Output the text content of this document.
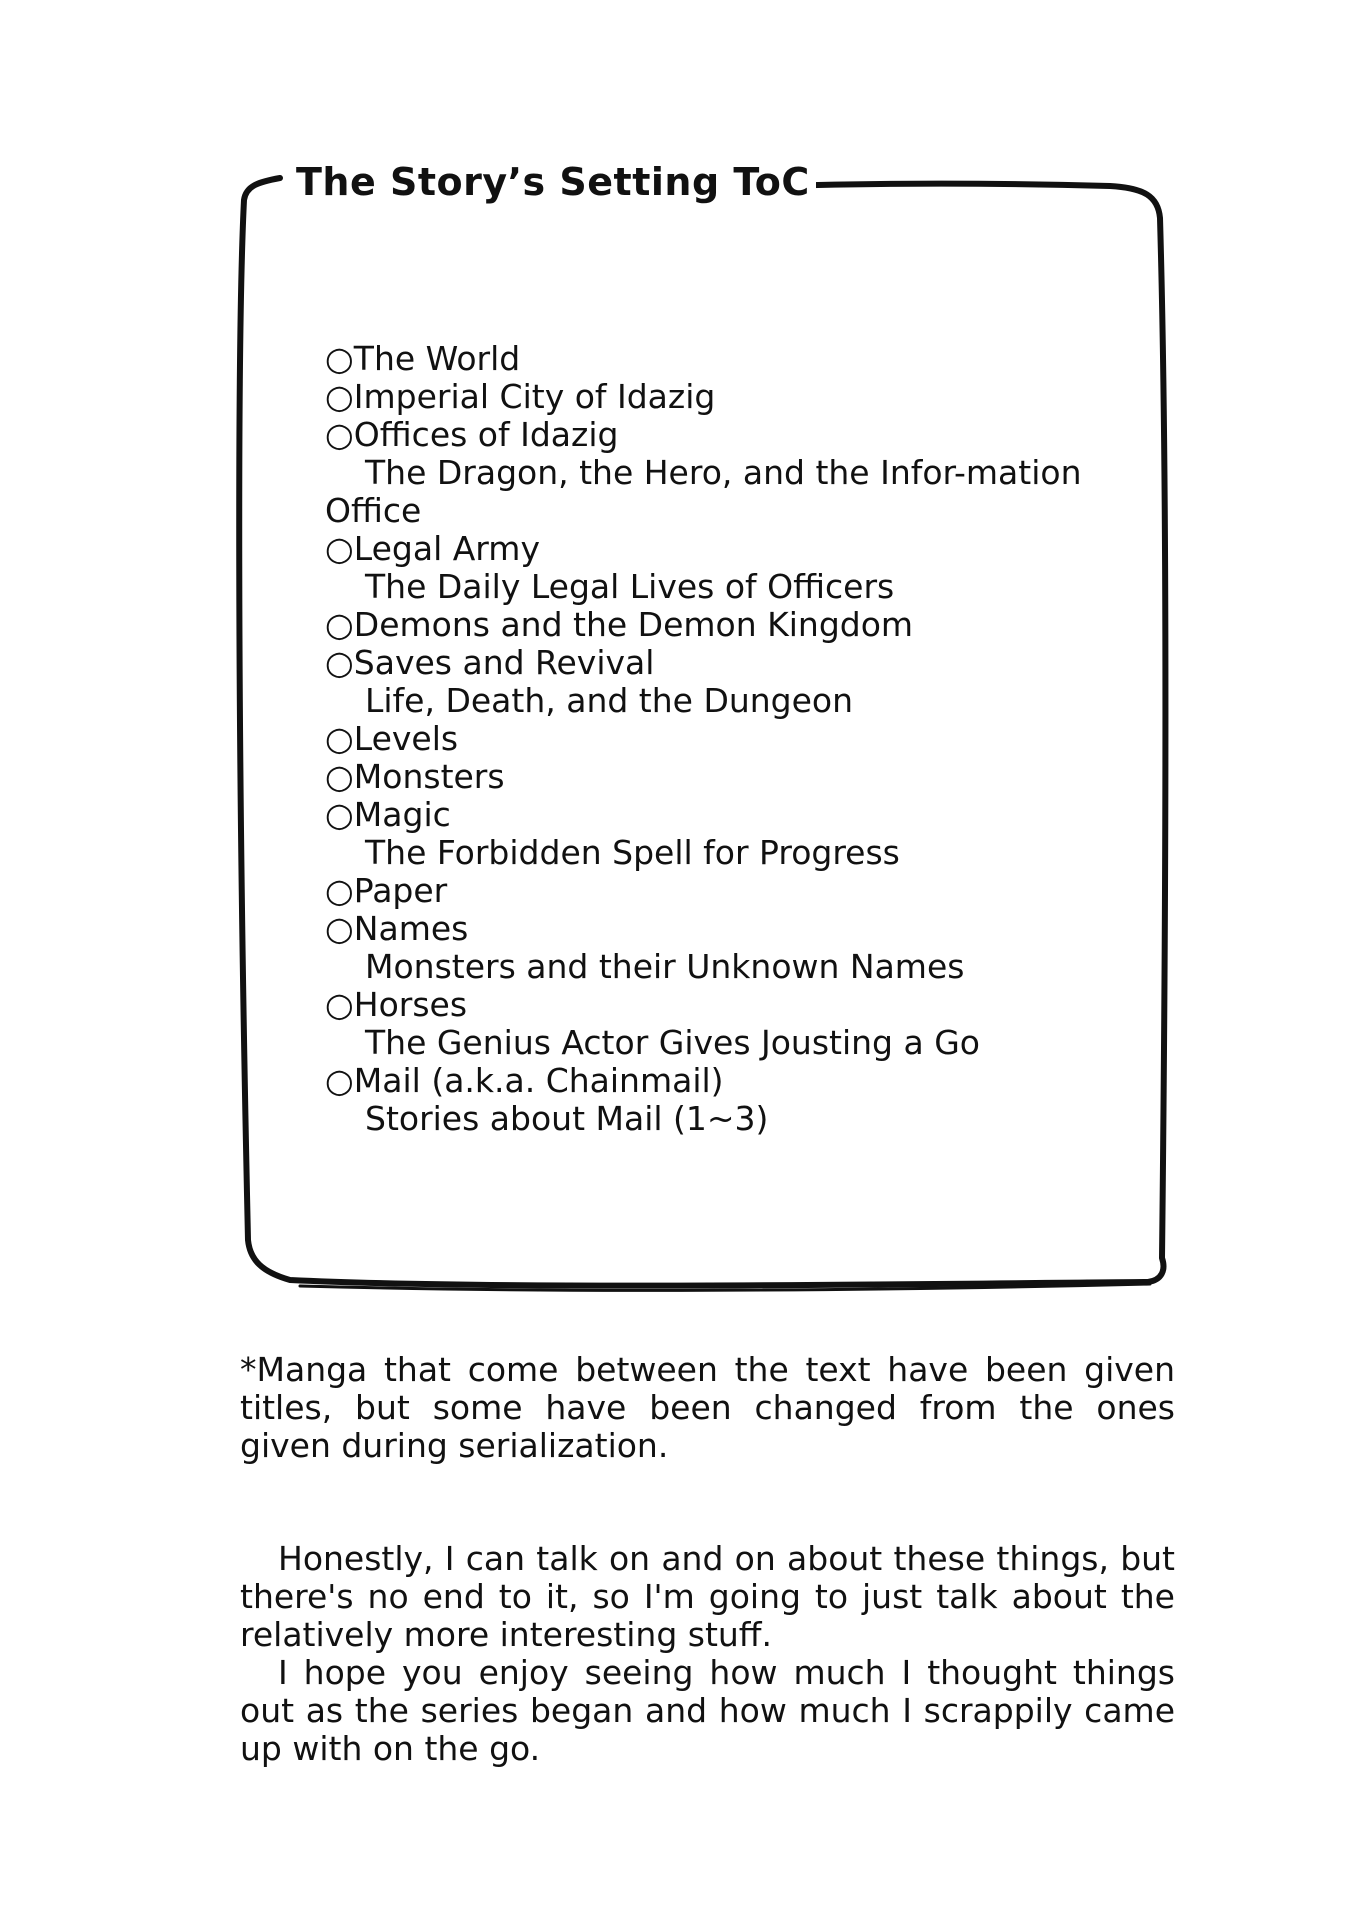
The Story’s Setting ToC
○The World
○Imperial City of Idazig
○Offices of Idazig
The Dragon, the Hero, and the Infor-mation Office
○Legal Army
The Daily Legal Lives of Officers
○Demons and the Demon Kingdom
○Saves and Revival
Life, Death, and the Dungeon
○Levels
○Monsters
○Magic
The Forbidden Spell for Progress
○Paper
○Names
Monsters and their Unknown Names
○Horses
The Genius Actor Gives Jousting a Go
○Mail (a.k.a. Chainmail)
Stories about Mail (1~3)
*Manga that come between the text have been given titles, but some have been changed from the ones given during serialization.

Honestly, I can talk on and on about these things, but there's no end to it, so I'm going to just talk about the relatively more interesting stuff.

I hope you enjoy seeing how much I thought things out as the series began and how much I scrappily came up with on the go.
